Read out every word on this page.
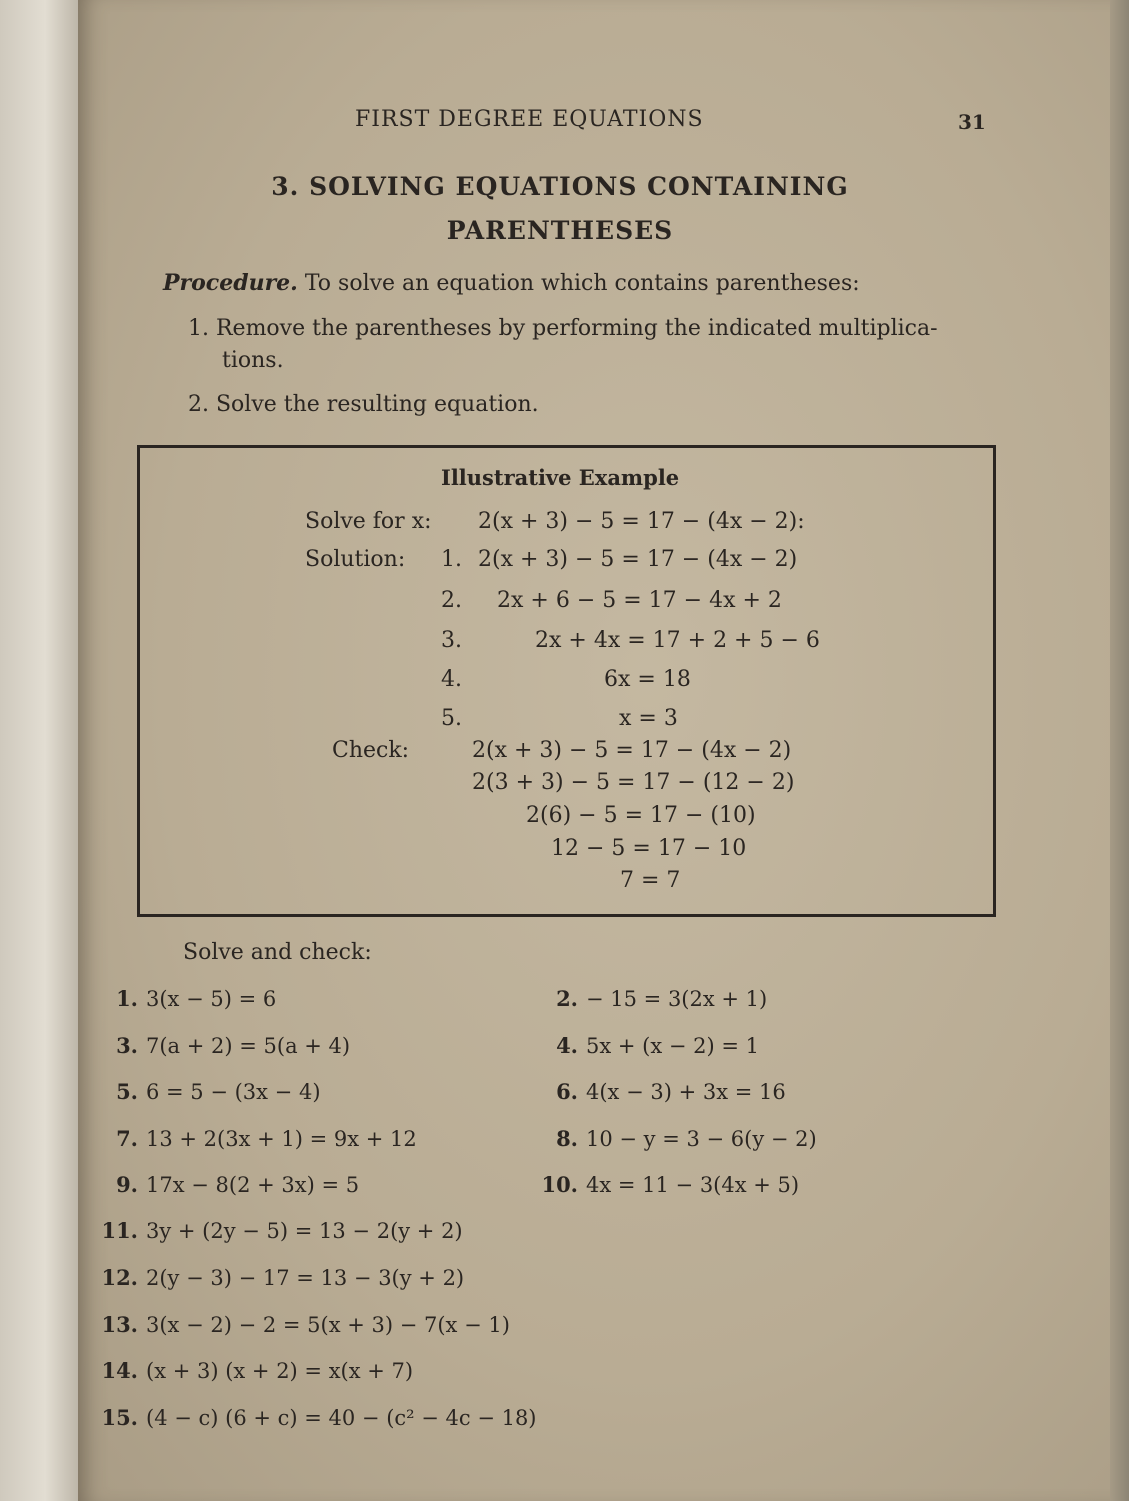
FIRST DEGREE EQUATIONS	31
3. SOLVING EQUATIONS CONTAINING
PARENTHESES
Procedure. To solve an equation which contains parentheses:
1. Remove the parentheses by performing the indicated multiplica-
tions.
2. Solve the resulting equation.
Illustrative Example
Solve for x: 2(x + 3) − 5 = 17 − (4x − 2):
Solution: 1. 2(x + 3) − 5 = 17 − (4x − 2)
2. 2x + 6 − 5 = 17 − 4x + 2
3.	2x + 4x = 17 + 2 + 5 − 6
4.	6x = 18
5.	x = 3
Check:	2(x + 3) − 5 = 17 − (4x − 2)
2(3 + 3) − 5 = 17 − (12 − 2)
2(6) − 5 = 17 − (10)
12 − 5 = 17 − 10
7 = 7
Solve and check:
1. 3(x − 5) = 6	2. − 15 = 3(2x + 1)
3. 7(a + 2) = 5(a + 4)	4. 5x + (x − 2) = 1
5. 6 = 5 − (3x − 4)	6. 4(x − 3) + 3x = 16
7. 13 + 2(3x + 1) = 9x + 12	8. 10 − y = 3 − 6(y − 2)
9. 17x − 8(2 + 3x) = 5	10. 4x = 11 − 3(4x + 5)
11. 3y + (2y − 5) = 13 − 2(y + 2)
12. 2(y − 3) − 17 = 13 − 3(y + 2)
13. 3(x − 2) − 2 = 5(x + 3) − 7(x − 1)
14. (x + 3) (x + 2) = x(x + 7)
15. (4 − c) (6 + c) = 40 − (c² − 4c − 18)
